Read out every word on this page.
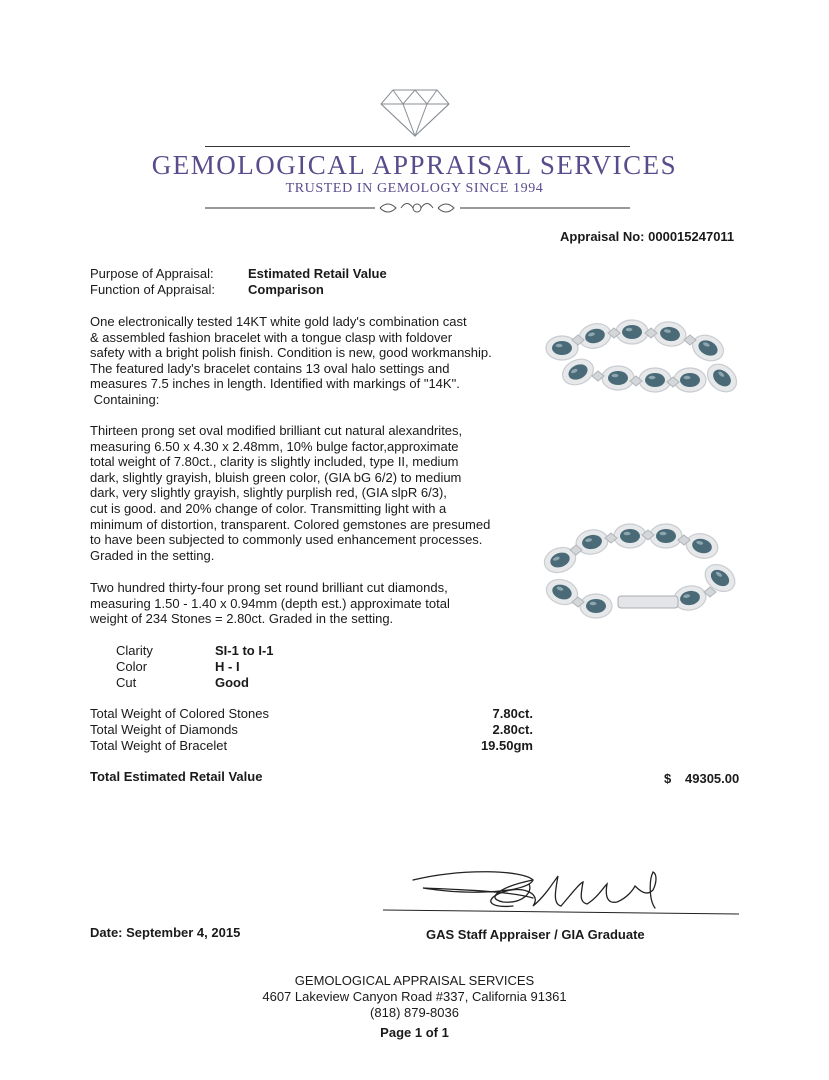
GEMOLOGICAL APPRAISAL SERVICES
TRUSTED IN GEMOLOGY SINCE 1994
Appraisal No: 000015247011
Purpose of Appraisal:	Estimated Retail Value
Function of Appraisal:	Comparison
One electronically tested 14KT white gold lady's combination cast
& assembled fashion bracelet with a tongue clasp with foldover
safety with a bright polish finish. Condition is new, good workmanship.
The featured lady's bracelet contains 13 oval halo settings and
measures 7.5 inches in length. Identified with markings of "14K".
Containing:
Thirteen prong set oval modified brilliant cut natural alexandrites,
measuring 6.50 x 4.30 x 2.48mm, 10% bulge factor,approximate
total weight of 7.80ct., clarity is slightly included, type II, medium
dark, slightly grayish, bluish green color, (GIA bG 6/2) to medium
dark, very slightly grayish, slightly purplish red, (GIA slpR 6/3),
cut is good. and 20% change of color. Transmitting light with a
minimum of distortion, transparent. Colored gemstones are presumed
to have been subjected to commonly used enhancement processes.
Graded in the setting.
Two hundred thirty-four prong set round brilliant cut diamonds,
measuring 1.50 - 1.40 x 0.94mm (depth est.) approximate total
weight of 234 Stones = 2.80ct. Graded in the setting.
Clarity	SI-1 to I-1
Color	H - I
Cut	Good
Total Weight of Colored Stones	7.80ct.
Total Weight of Diamonds	2.80ct.
Total Weight of Bracelet	19.50gm
Total Estimated Retail Value	$ 49305.00
Date: September 4, 2015	GAS Staff Appraiser / GIA Graduate
GEMOLOGICAL APPRAISAL SERVICES
4607 Lakeview Canyon Road #337, California 91361
(818) 879-8036
Page 1 of 1
